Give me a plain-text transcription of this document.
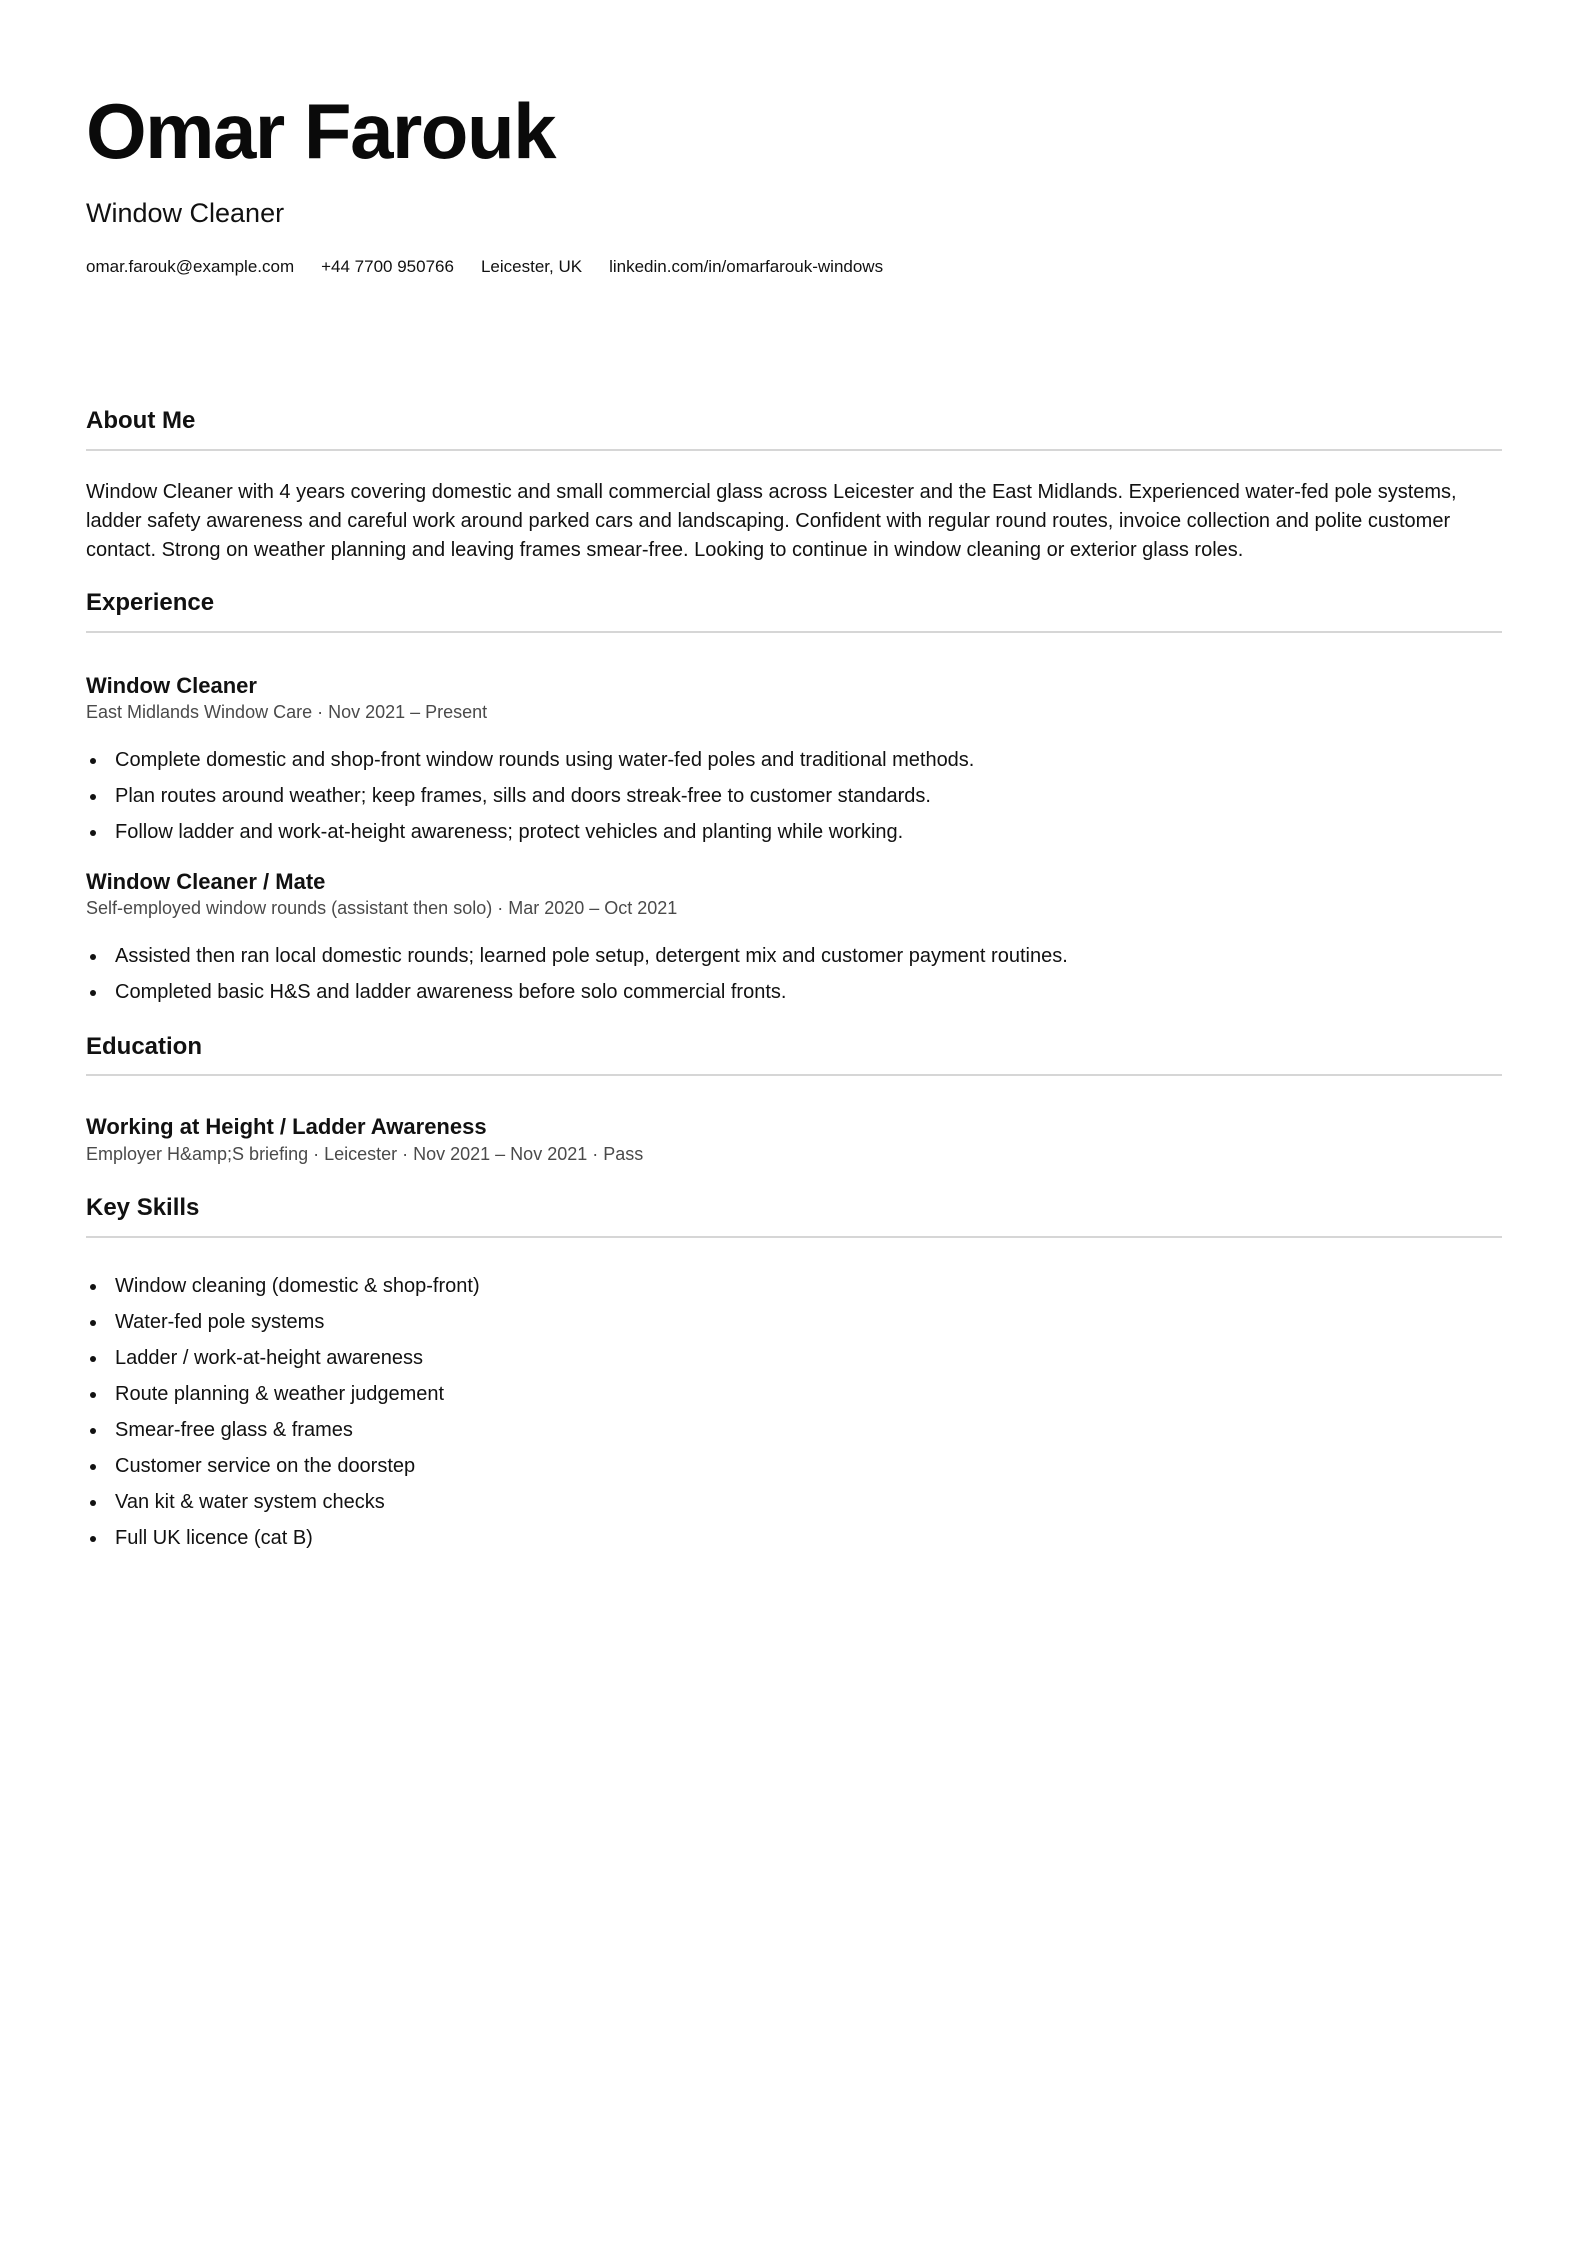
Omar Farouk
Window Cleaner
omar.farouk@example.com +44 7700 950766 Leicester, UK linkedin.com/in/omarfarouk-windows
About Me

Window Cleaner with 4 years covering domestic and small commercial glass across Leicester and the East Midlands. Experienced water-fed pole systems, ladder safety awareness and careful work around parked cars and landscaping. Confident with regular round routes, invoice collection and polite customer contact. Strong on weather planning and leaving frames smear-free. Looking to continue in window cleaning or exterior glass roles.

Experience
Window Cleaner
East Midlands Window Care · Nov 2021 – Present
Complete domestic and shop-front window rounds using water-fed poles and traditional methods.
Plan routes around weather; keep frames, sills and doors streak-free to customer standards.
Follow ladder and work-at-height awareness; protect vehicles and planting while working.
Window Cleaner / Mate
Self-employed window rounds (assistant then solo) · Mar 2020 – Oct 2021
Assisted then ran local domestic rounds; learned pole setup, detergent mix and customer payment routines.
Completed basic H&S and ladder awareness before solo commercial fronts.
Education
Working at Height / Ladder Awareness
Employer H&amp;S briefing · Leicester · Nov 2021 – Nov 2021 · Pass
Key Skills
Window cleaning (domestic & shop-front)
Water-fed pole systems
Ladder / work-at-height awareness
Route planning & weather judgement
Smear-free glass & frames
Customer service on the doorstep
Van kit & water system checks
Full UK licence (cat B)
